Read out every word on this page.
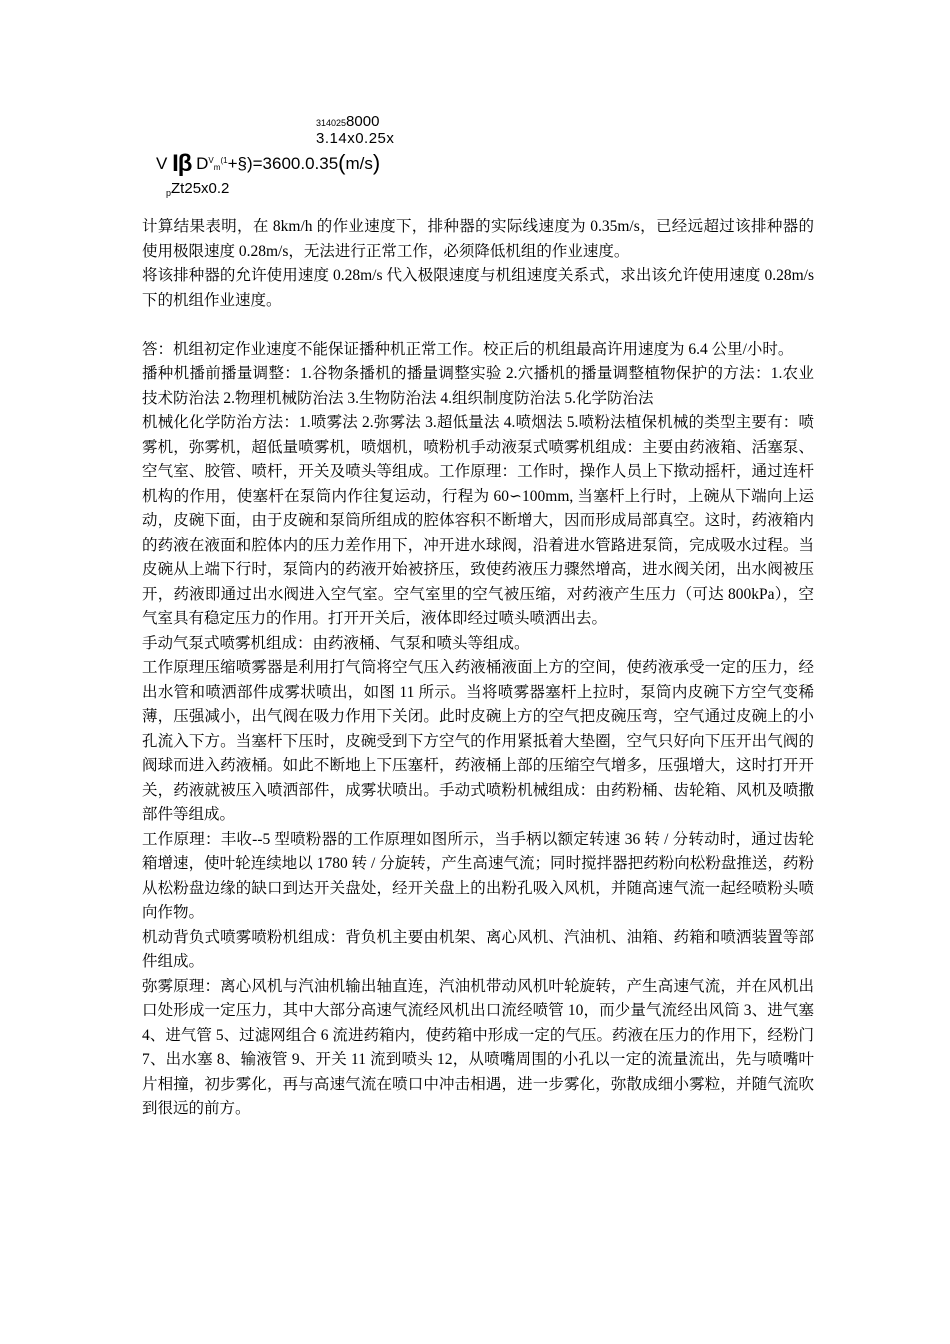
3140258000
3.14x0.25x
V Iβ $D^Vm^{(1}+\S)=3600.0.35(m/s)$
$_p$Zt25x0.2

计算结果表明，在 8km/h 的作业速度下，排种器的实际线速度为 0.35m/s，已经远超过该排种器的使用极限速度 0.28m/s，无法进行正常工作，必须降低机组的作业速度。

将该排种器的允许使用速度 0.28m/s 代入极限速度与机组速度关系式，求出该允许使用速度 0.28m/s 下的机组作业速度。

答：机组初定作业速度不能保证播种机正常工作。校正后的机组最高许用速度为 6.4 公里/小时。

播种机播前播量调整：1.谷物条播机的播量调整实验 2.穴播机的播量调整植物保护的方法：1.农业技术防治法 2.物理机械防治法 3.生物防治法 4.组织制度防治法 5.化学防治法

机械化化学防治方法：1.喷雾法 2.弥雾法 3.超低量法 4.喷烟法 5.喷粉法植保机械的类型主要有：喷雾机，弥雾机，超低量喷雾机，喷烟机，喷粉机手动液泵式喷雾机组成：主要由药液箱、活塞泵、空气室、胶管、喷杆，开关及喷头等组成。工作原理：工作时，操作人员上下揿动摇杆，通过连杆机构的作用，使塞杆在泵筒内作往复运动，行程为 60∽100mm, 当塞杆上行时，上碗从下端向上运动，皮碗下面，由于皮碗和泵筒所组成的腔体容积不断增大，因而形成局部真空。这时，药液箱内的药液在液面和腔体内的压力差作用下，冲开进水球阀，沿着进水管路进泵筒，完成吸水过程。当皮碗从上端下行时，泵筒内的药液开始被挤压，致使药液压力骤然增高，进水阀关闭，出水阀被压开，药液即通过出水阀进入空气室。空气室里的空气被压缩，对药液产生压力（可达 800kPa），空气室具有稳定压力的作用。打开开关后，液体即经过喷头喷洒出去。

手动气泵式喷雾机组成：由药液桶、气泵和喷头等组成。

工作原理压缩喷雾器是利用打气筒将空气压入药液桶液面上方的空间，使药液承受一定的压力，经出水管和喷洒部件成雾状喷出，如图 11 所示。当将喷雾器塞杆上拉时，泵筒内皮碗下方空气变稀薄，压强减小，出气阀在吸力作用下关闭。此时皮碗上方的空气把皮碗压弯，空气通过皮碗上的小孔流入下方。当塞杆下压时，皮碗受到下方空气的作用紧抵着大垫圈，空气只好向下压开出气阀的阀球而进入药液桶。如此不断地上下压塞杆，药液桶上部的压缩空气增多，压强增大，这时打开开关，药液就被压入喷洒部件，成雾状喷出。手动式喷粉机械组成：由药粉桶、齿轮箱、风机及喷撒部件等组成。

工作原理：丰收--5 型喷粉器的工作原理如图所示，当手柄以额定转速 36 转 / 分转动时，通过齿轮箱增速，使叶轮连续地以 1780 转 / 分旋转，产生高速气流；同时搅拌器把药粉向松粉盘推送，药粉从松粉盘边缘的缺口到达开关盘处，经开关盘上的出粉孔吸入风机，并随高速气流一起经喷粉头喷向作物。

机动背负式喷雾喷粉机组成：背负机主要由机架、离心风机、汽油机、油箱、药箱和喷洒装置等部件组成。

弥雾原理：离心风机与汽油机输出轴直连，汽油机带动风机叶轮旋转，产生高速气流，并在风机出口处形成一定压力，其中大部分高速气流经风机出口流经喷管 10，而少量气流经出风筒 3、进气塞 4、进气管 5、过滤网组合 6 流进药箱内，使药箱中形成一定的气压。药液在压力的作用下，经粉门 7、出水塞 8、输液管 9、开关 11 流到喷头 12，从喷嘴周围的小孔以一定的流量流出，先与喷嘴叶片相撞，初步雾化，再与高速气流在喷口中冲击相遇，进一步雾化，弥散成细小雾粒，并随气流吹到很远的前方。
